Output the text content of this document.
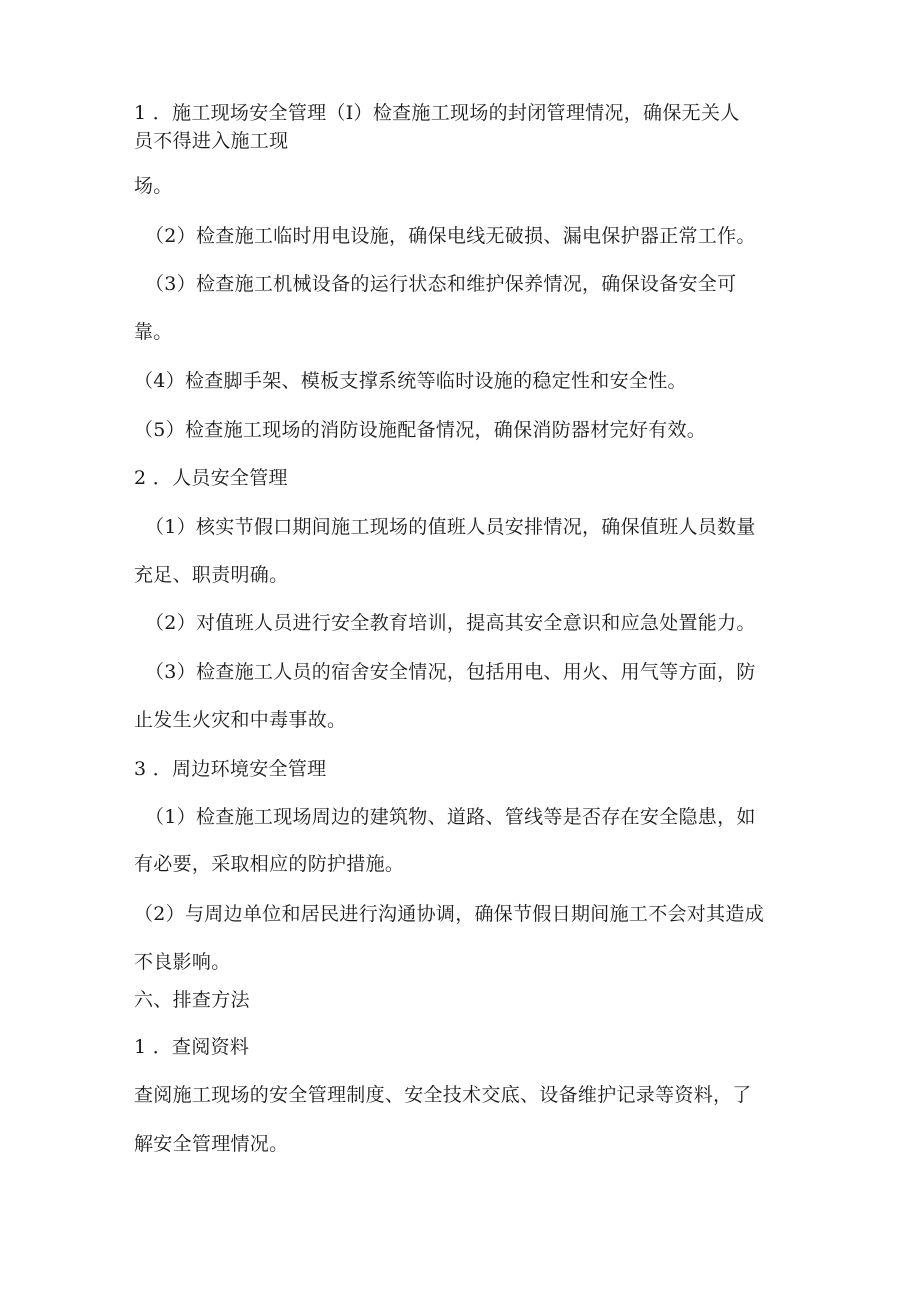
1 ．施工现场安全管理（I）检查施工现场的封闭管理情况，确保无关人
员不得进入施工现
场。
（2）检查施工临时用电设施，确保电线无破损、漏电保护器正常工作。
（3）检查施工机械设备的运行状态和维护保养情况，确保设备安全可
靠。
（4）检查脚手架、模板支撑系统等临时设施的稳定性和安全性。
（5）检查施工现场的消防设施配备情况，确保消防器材完好有效。
2 ．人员安全管理
（1）核实节假口期间施工现场的值班人员安排情况，确保值班人员数量
充足、职责明确。
（2）对值班人员进行安全教育培训，提高其安全意识和应急处置能力。
（3）检查施工人员的宿舍安全情况，包括用电、用火、用气等方面，防
止发生火灾和中毒事故。
3 ．周边环境安全管理
（1）检查施工现场周边的建筑物、道路、管线等是否存在安全隐患，如
有必要，采取相应的防护措施。
（2）与周边单位和居民进行沟通协调，确保节假日期间施工不会对其造成
不良影响。
六、排查方法
1 ．查阅资料
查阅施工现场的安全管理制度、安全技术交底、设备维护记录等资料，了
解安全管理情况。
